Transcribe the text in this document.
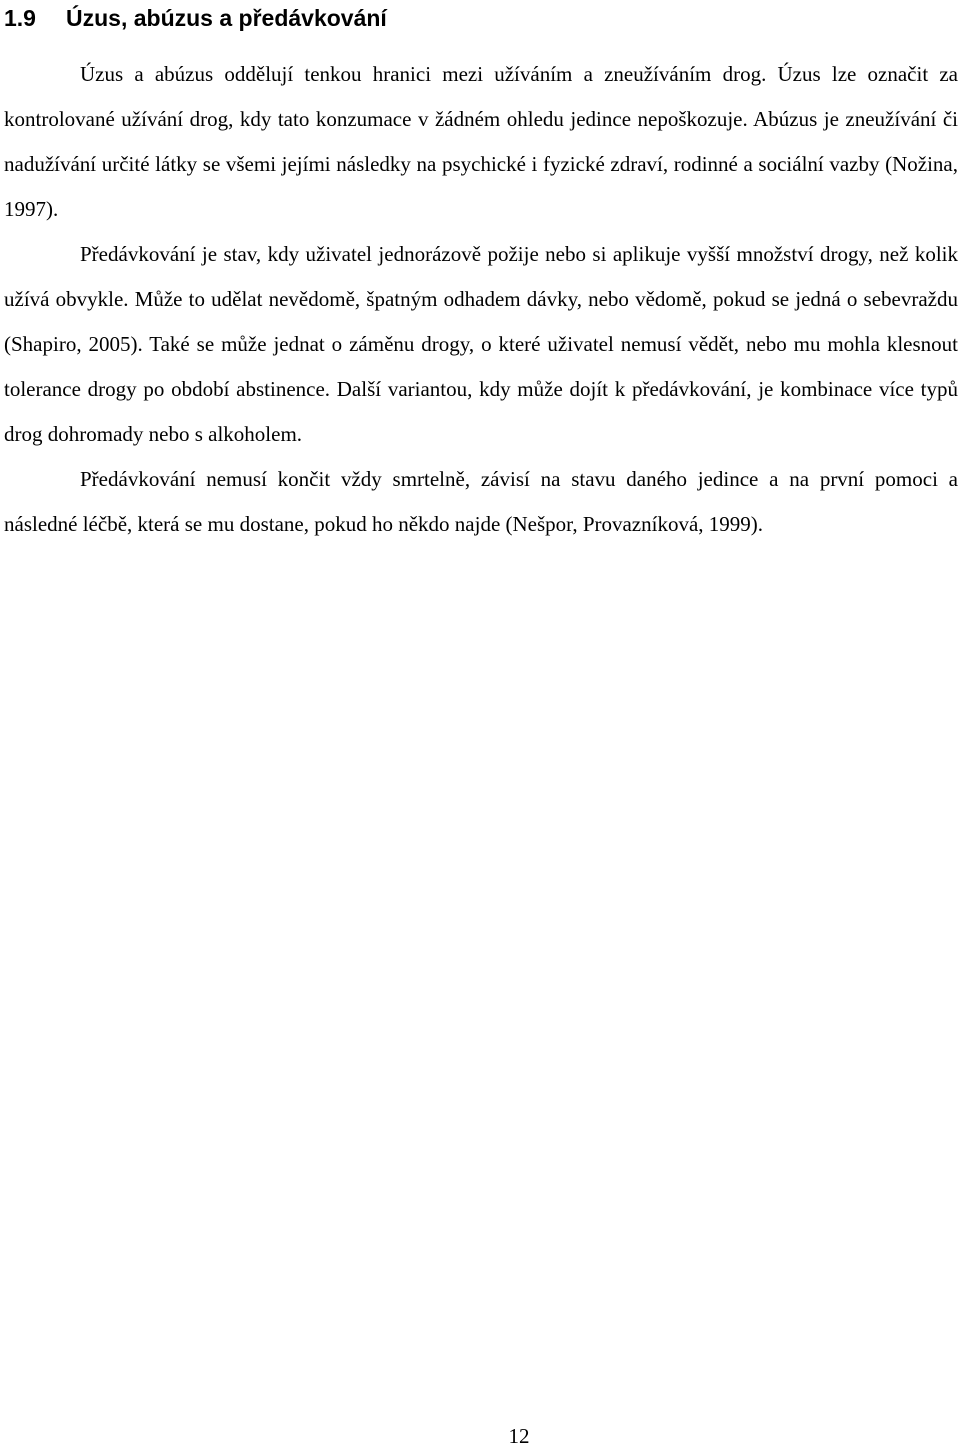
1.9 Úzus, abúzus a předávkování

Úzus a abúzus oddělují tenkou hranici mezi užíváním a zneužíváním drog. Úzus lze označit za kontrolované užívání drog, kdy tato konzumace v žádném ohledu jedince nepoškozuje. Abúzus je zneužívání či nadužívání určité látky se všemi jejími následky na psychické i fyzické zdraví, rodinné a sociální vazby (Nožina, 1997).

Předávkování je stav, kdy uživatel jednorázově požije nebo si aplikuje vyšší množství drogy, než kolik užívá obvykle. Může to udělat nevědomě, špatným odhadem dávky, nebo vědomě, pokud se jedná o sebevraždu (Shapiro, 2005). Také se může jednat o záměnu drogy, o které uživatel nemusí vědět, nebo mu mohla klesnout tolerance drogy po období abstinence. Další variantou, kdy může dojít k předávkování, je kombinace více typů drog dohromady nebo s alkoholem.

Předávkování nemusí končit vždy smrtelně, závisí na stavu daného jedince a na první pomoci a následné léčbě, která se mu dostane, pokud ho někdo najde (Nešpor, Provazníková, 1999).

12
